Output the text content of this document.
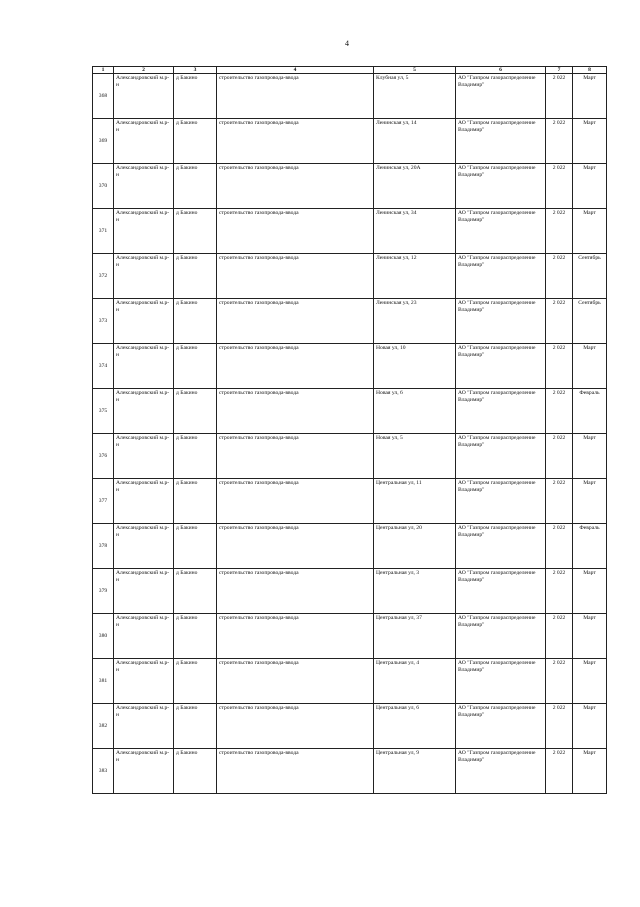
4
1	2	3	4	5	6	7	8
368	Александровский м.р-н	д Бакино	строительство газопровода-ввода	Клубная ул, 5	АО "Газпром газораспределение Владимир"	2 022	Март
369	Александровский м.р-н	д Бакино	строительство газопровода-ввода	Ленинская ул, 14	АО "Газпром газораспределение Владимир"	2 022	Март
370	Александровский м.р-н	д Бакино	строительство газопровода-ввода	Ленинская ул, 20А	АО "Газпром газораспределение Владимир"	2 022	Март
371	Александровский м.р-н	д Бакино	строительство газопровода-ввода	Ленинская ул, 34	АО "Газпром газораспределение Владимир"	2 022	Март
372	Александровский м.р-н	д Бакино	строительство газопровода-ввода	Ленинская ул, 12	АО "Газпром газораспределение Владимир"	2 022	Сентябрь
373	Александровский м.р-н	д Бакино	строительство газопровода-ввода	Ленинская ул, 23	АО "Газпром газораспределение Владимир"	2 022	Сентябрь
374	Александровский м.р-н	д Бакино	строительство газопровода-ввода	Новая ул, 10	АО "Газпром газораспределение Владимир"	2 022	Март
375	Александровский м.р-н	д Бакино	строительство газопровода-ввода	Новая ул, 6	АО "Газпром газораспределение Владимир"	2 022	Февраль
376	Александровский м.р-н	д Бакино	строительство газопровода-ввода	Новая ул, 5	АО "Газпром газораспределение Владимир"	2 022	Март
377	Александровский м.р-н	д Бакино	строительство газопровода-ввода	Центральная ул, 11	АО "Газпром газораспределение Владимир"	2 022	Март
378	Александровский м.р-н	д Бакино	строительство газопровода-ввода	Центральная ул, 20	АО "Газпром газораспределение Владимир"	2 022	Февраль
379	Александровский м.р-н	д Бакино	строительство газопровода-ввода	Центральная ул, 3	АО "Газпром газораспределение Владимир"	2 022	Март
380	Александровский м.р-н	д Бакино	строительство газопровода-ввода	Центральная ул, 37	АО "Газпром газораспределение Владимир"	2 022	Март
381	Александровский м.р-н	д Бакино	строительство газопровода-ввода	Центральная ул, 4	АО "Газпром газораспределение Владимир"	2 022	Март
382	Александровский м.р-н	д Бакино	строительство газопровода-ввода	Центральная ул, 6	АО "Газпром газораспределение Владимир"	2 022	Март
383	Александровский м.р-н	д Бакино	строительство газопровода-ввода	Центральная ул, 9	АО "Газпром газораспределение Владимир"	2 022	Март
